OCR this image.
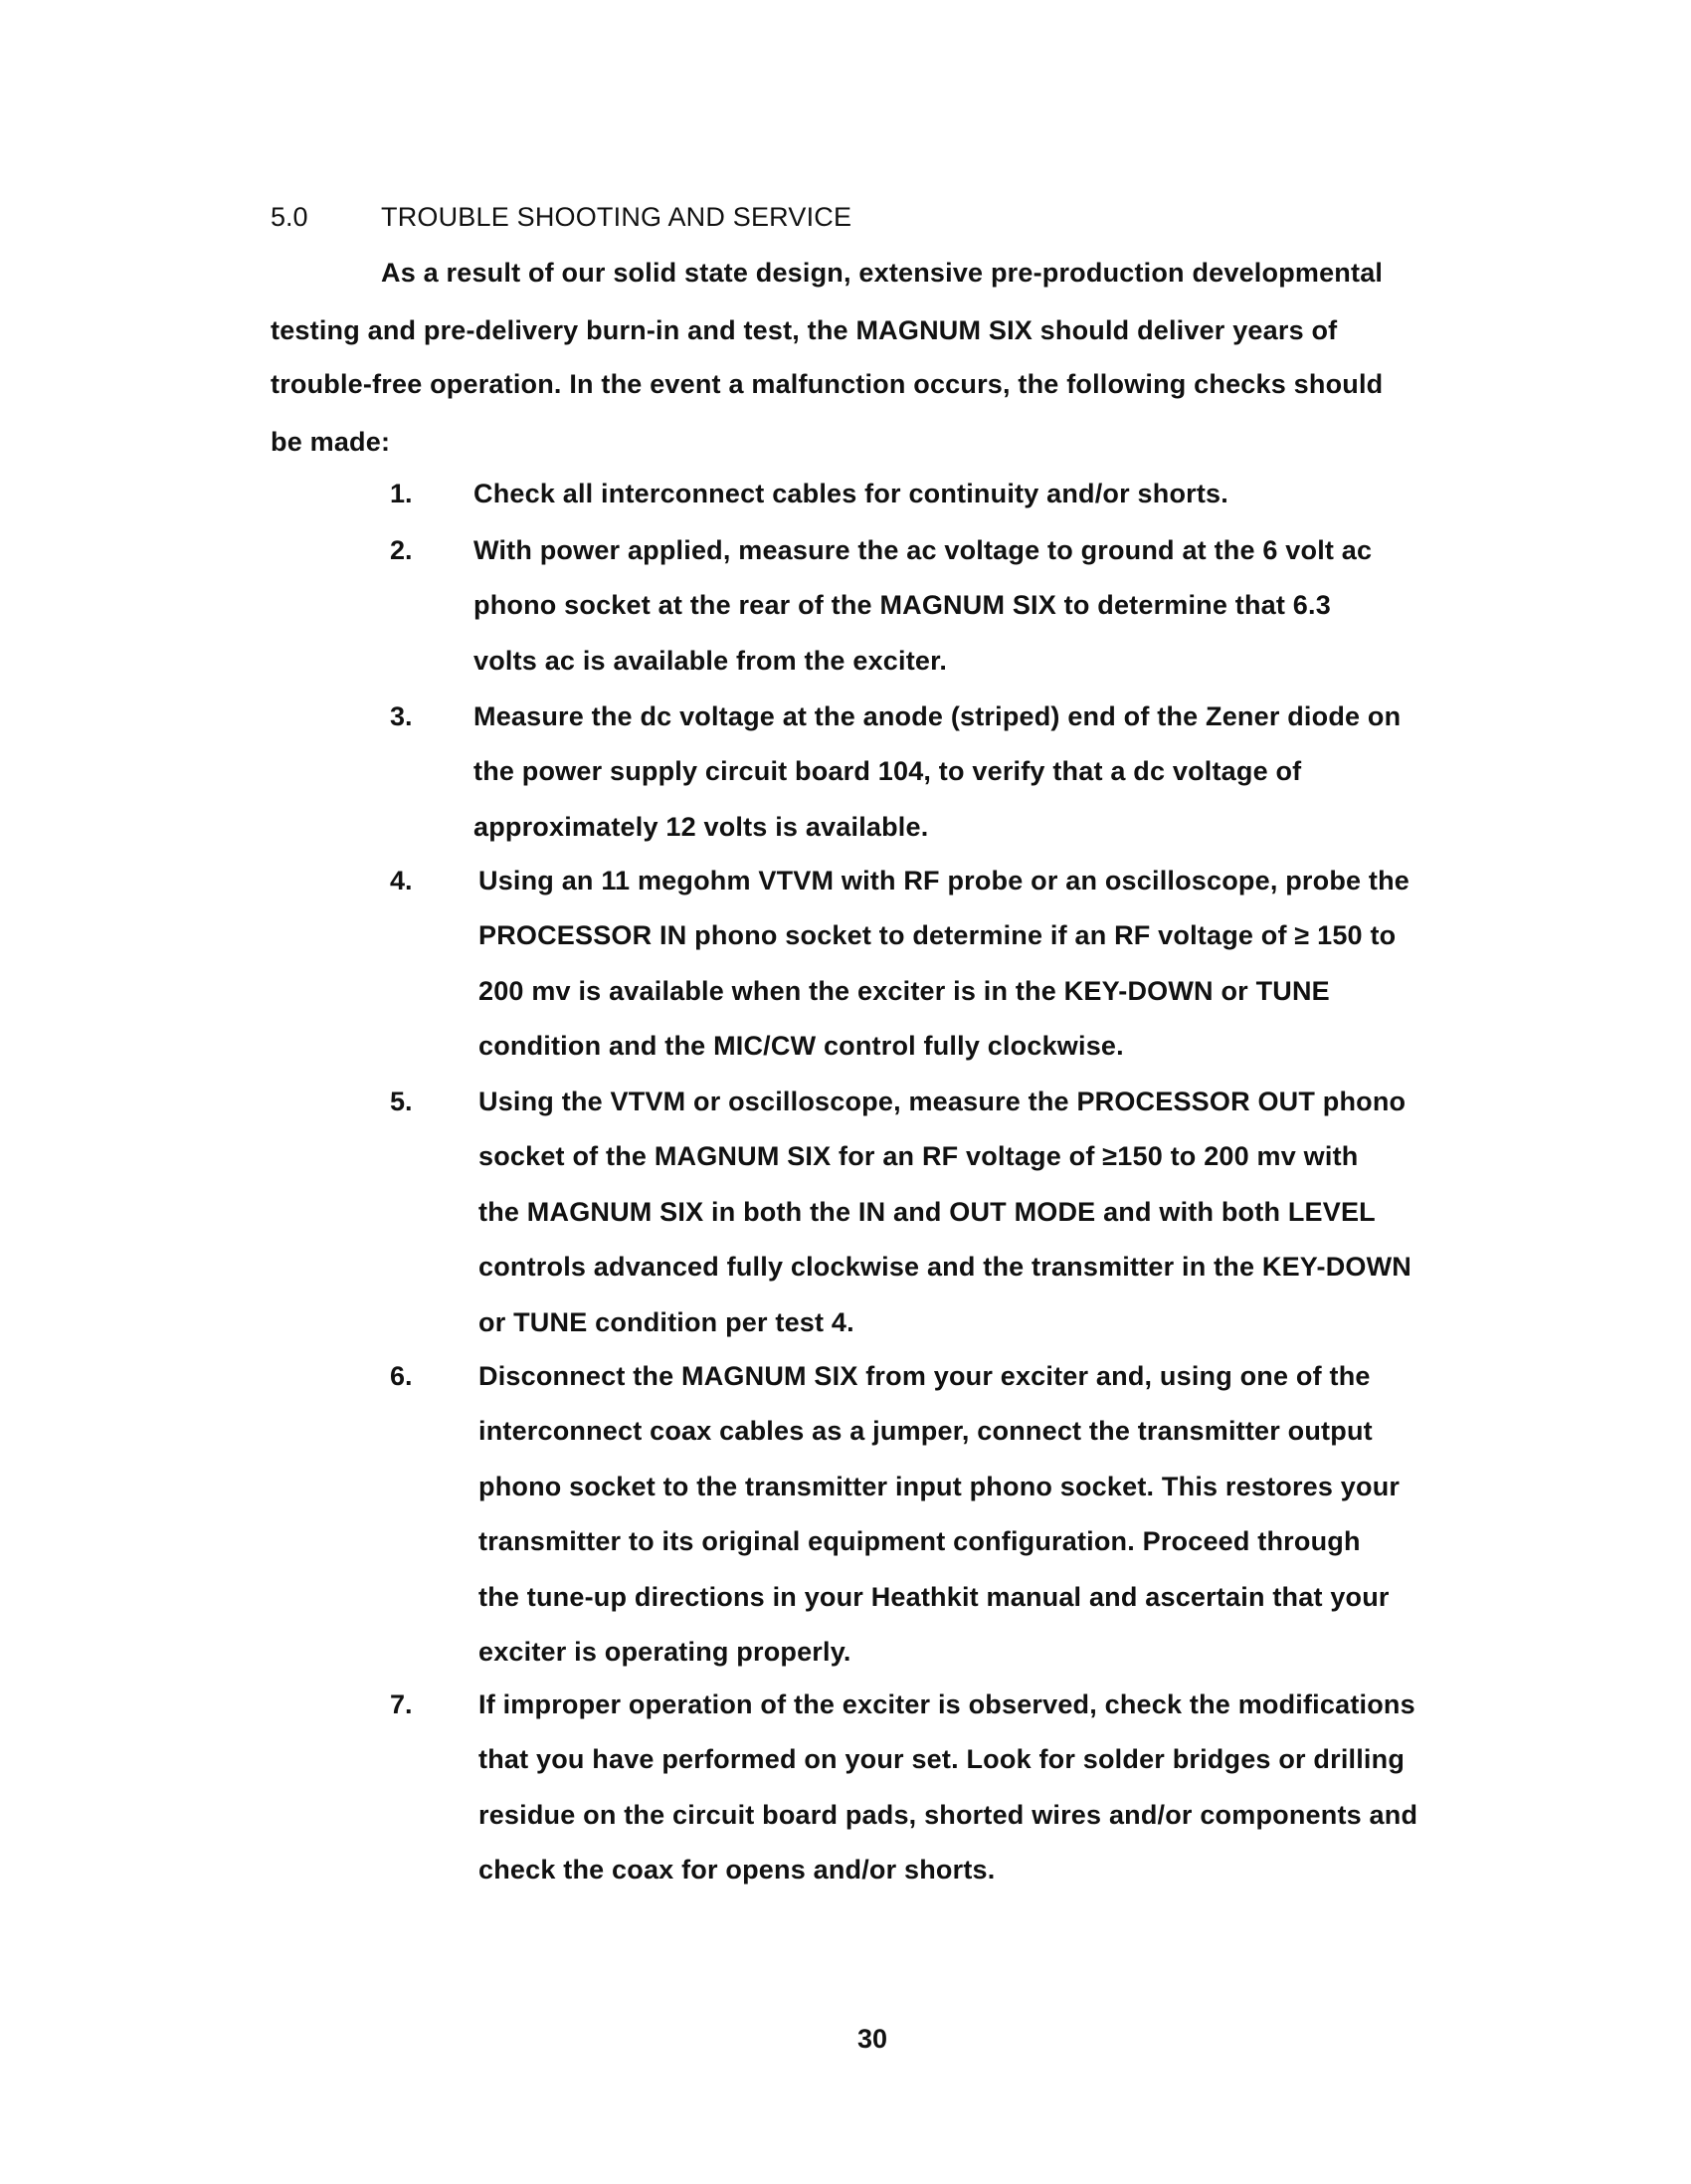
5.0	TROUBLE SHOOTING AND SERVICE
As a result of our solid state design, extensive pre-production developmental
testing and pre-delivery burn-in and test, the MAGNUM SIX should deliver years of
trouble-free operation. In the event a malfunction occurs, the following checks should
be made:
1. Check all interconnect cables for continuity and/or shorts.
2. With power applied, measure the ac voltage to ground at the 6 volt ac
phono socket at the rear of the MAGNUM SIX to determine that 6.3
volts ac is available from the exciter.
3. Measure the dc voltage at the anode (striped) end of the Zener diode on
the power supply circuit board 104, to verify that a dc voltage of
approximately 12 volts is available.
4. Using an 11 megohm VTVM with RF probe or an oscilloscope, probe the
PROCESSOR IN phono socket to determine if an RF voltage of ≥ 150 to
200 mv is available when the exciter is in the KEY-DOWN or TUNE
condition and the MIC/CW control fully clockwise.
5. Using the VTVM or oscilloscope, measure the PROCESSOR OUT phono
socket of the MAGNUM SIX for an RF voltage of ≥150 to 200 mv with
the MAGNUM SIX in both the IN and OUT MODE and with both LEVEL
controls advanced fully clockwise and the transmitter in the KEY-DOWN
or TUNE condition per test 4.
6. Disconnect the MAGNUM SIX from your exciter and, using one of the
interconnect coax cables as a jumper, connect the transmitter output
phono socket to the transmitter input phono socket. This restores your
transmitter to its original equipment configuration. Proceed through
the tune-up directions in your Heathkit manual and ascertain that your
exciter is operating properly.
7. If improper operation of the exciter is observed, check the modifications
that you have performed on your set. Look for solder bridges or drilling
residue on the circuit board pads, shorted wires and/or components and
check the coax for opens and/or shorts.
30
